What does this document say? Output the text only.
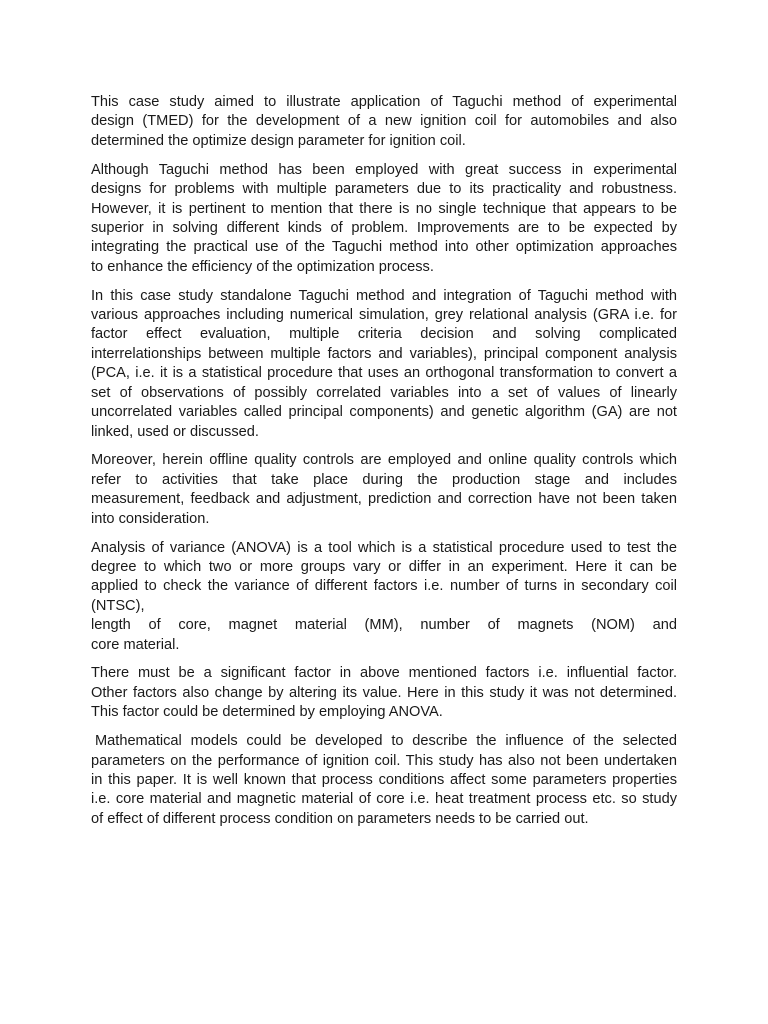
This case study aimed to illustrate application of Taguchi method of experimental
design (TMED) for the development of a new ignition coil for automobiles and also
determined the optimize design parameter for ignition coil.
Although Taguchi method has been employed with great success in experimental
designs for problems with multiple parameters due to its practicality and robustness.
However, it is pertinent to mention that there is no single technique that appears to be
superior in solving different kinds of problem. Improvements are to be expected by
integrating the practical use of the Taguchi method into other optimization approaches
to enhance the efficiency of the optimization process.
In this case study standalone Taguchi method and integration of Taguchi method with
various approaches including numerical simulation, grey relational analysis (GRA i.e. for
factor effect evaluation, multiple criteria decision and solving complicated
interrelationships between multiple factors and variables), principal component analysis
(PCA, i.e. it is a statistical procedure that uses an orthogonal transformation to convert a
set of observations of possibly correlated variables into a set of values of linearly
uncorrelated variables called principal components) and genetic algorithm (GA) are not
linked, used or discussed.
Moreover, herein offline quality controls are employed and online quality controls which
refer to activities that take place during the production stage and includes
measurement, feedback and adjustment, prediction and correction have not been taken
into consideration.
Analysis of variance (ANOVA) is a tool which is a statistical procedure used to test the
degree to which two or more groups vary or differ in an experiment. Here it can be
applied to check the variance of different factors i.e. number of turns in secondary coil
(NTSC),
length of core, magnet material (MM), number of magnets (NOM) and
core material.
There must be a significant factor in above mentioned factors i.e. influential factor.
Other factors also change by altering its value. Here in this study it was not determined.
This factor could be determined by employing ANOVA.
Mathematical models could be developed to describe the influence of the selected
parameters on the performance of ignition coil. This study has also not been undertaken
in this paper. It is well known that process conditions affect some parameters properties
i.e. core material and magnetic material of core i.e. heat treatment process etc. so study
of effect of different process condition on parameters needs to be carried out.
